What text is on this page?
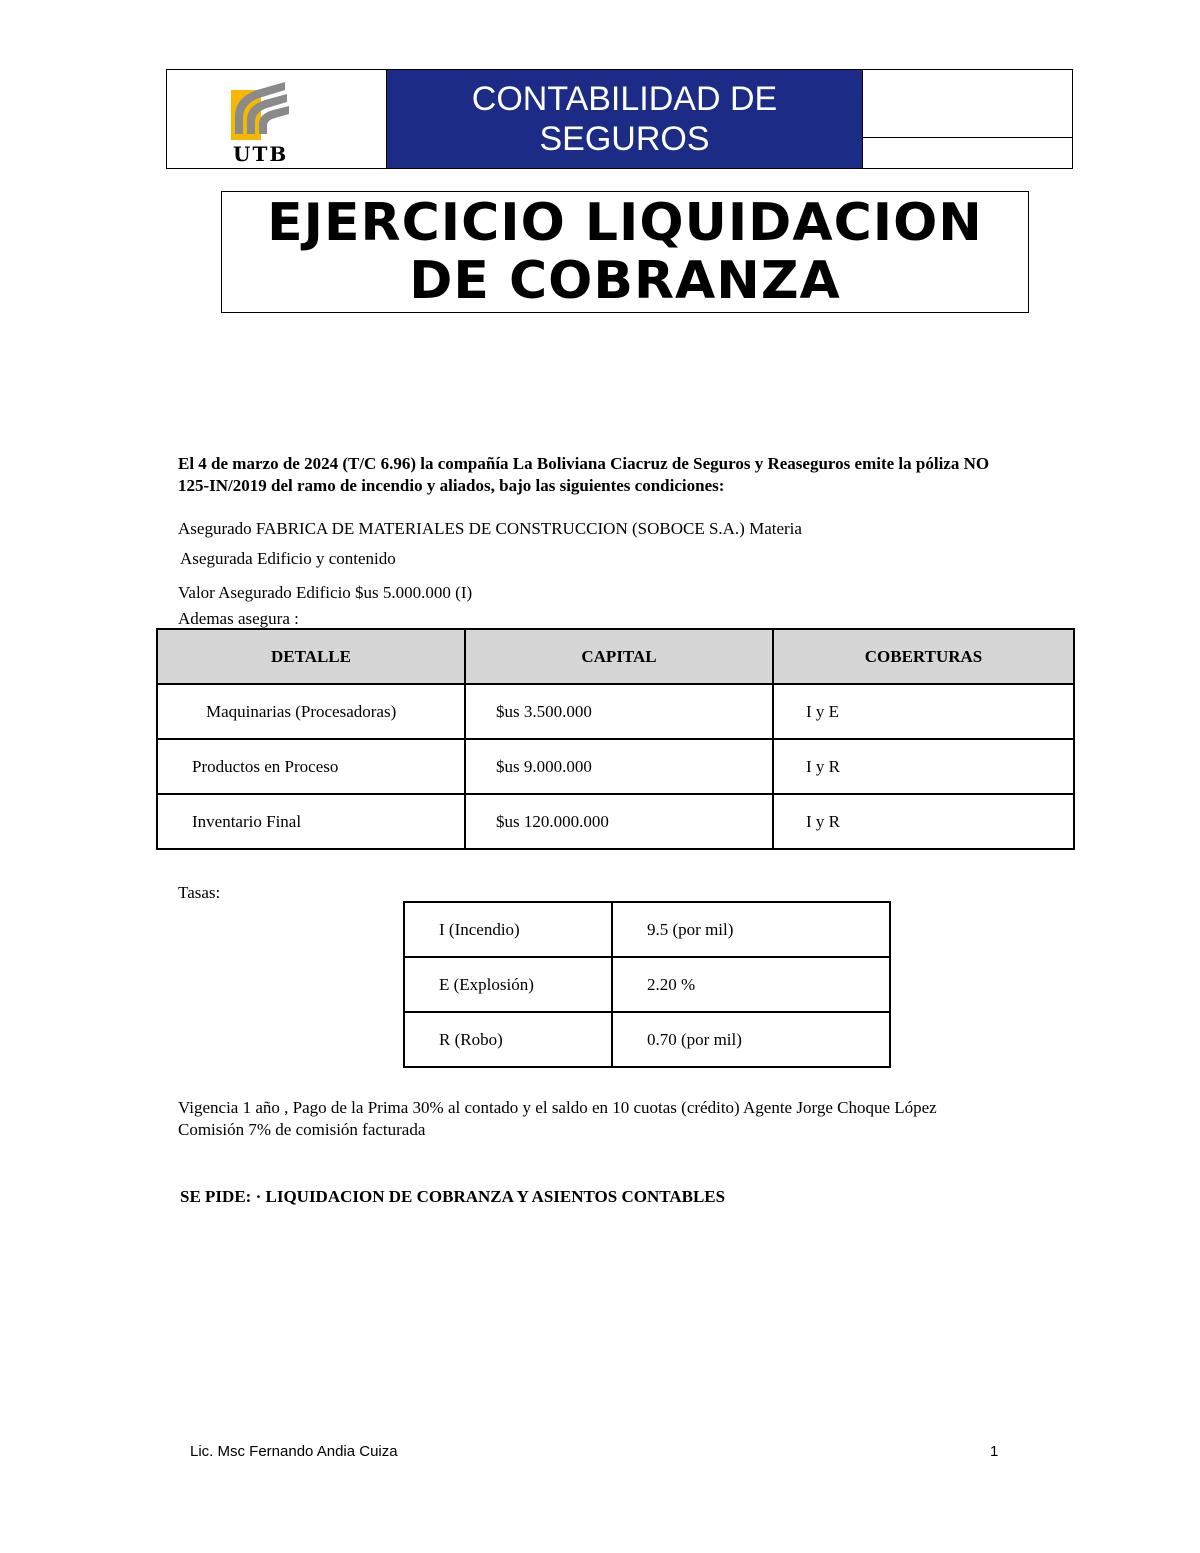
UTB
CONTABILIDAD DE SEGUROS
EJERCICIO LIQUIDACION DE COBRANZA
El 4 de marzo de 2024 (T/C 6.96) la compañía La Boliviana Ciacruz de Seguros y Reaseguros emite la póliza NO 125-IN/2019 del ramo de incendio y aliados, bajo las siguientes condiciones:
Asegurado FABRICA DE MATERIALES DE CONSTRUCCION (SOBOCE S.A.) Materia
Asegurada Edificio y contenido
Valor Asegurado Edificio $us 5.000.000 (I)
Ademas asegura :
DETALLE	CAPITAL	COBERTURAS
Maquinarias (Procesadoras)	$us 3.500.000	I y E
Productos en Proceso	$us 9.000.000	I y R
Inventario Final	$us 120.000.000	I y R
Tasas:
I (Incendio)	9.5 (por mil)
E (Explosión)	2.20 %
R (Robo)	0.70 (por mil)
Vigencia 1 año , Pago de la Prima 30% al contado y el saldo en 10 cuotas (crédito) Agente Jorge Choque López
Comisión 7% de comisión facturada
SE PIDE: · LIQUIDACION DE COBRANZA Y ASIENTOS CONTABLES
Lic. Msc Fernando Andia Cuiza	1
